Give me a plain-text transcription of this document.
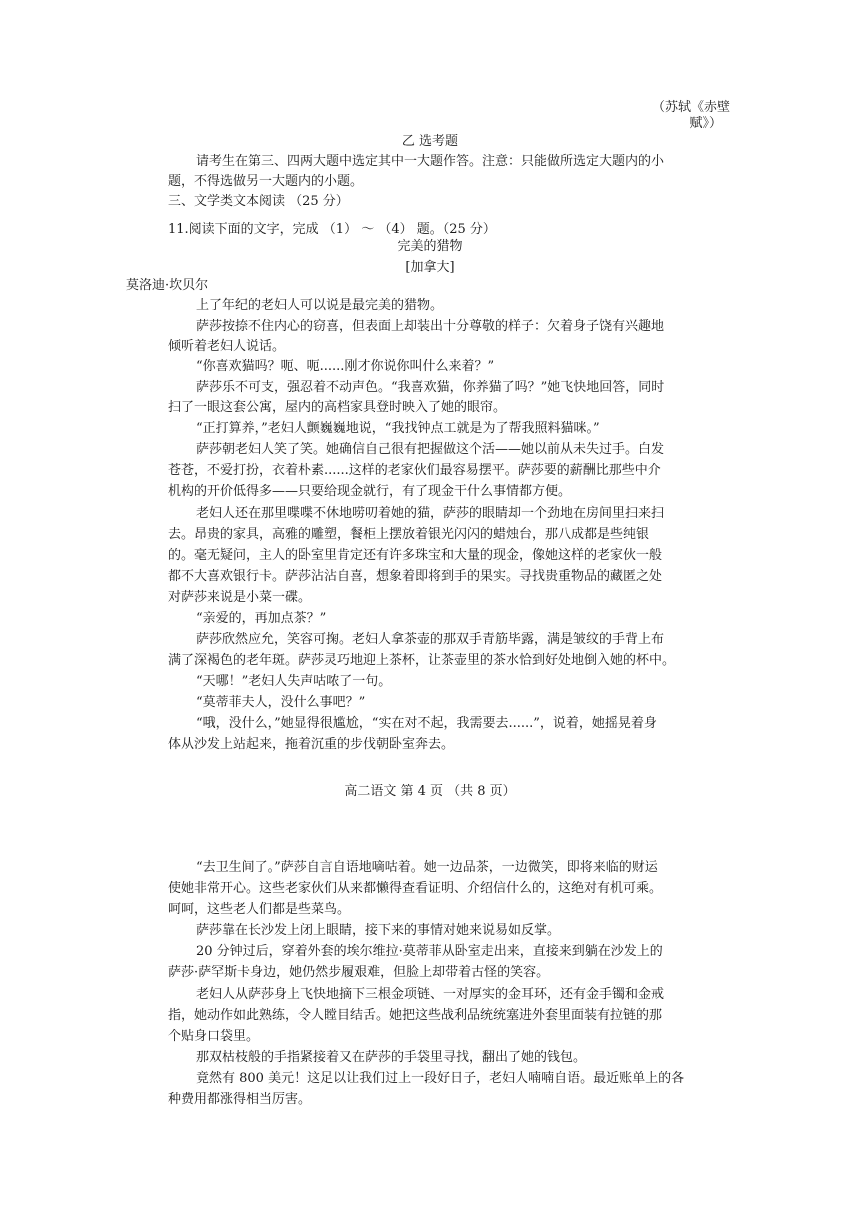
（苏轼《赤壁
赋》）
乙 选考题
请考生在第三、四两大题中选定其中一大题作答。注意：只能做所选定大题内的小
题，不得选做另一大题内的小题。
三、文学类文本阅读 （25 分）
11.阅读下面的文字，完成 （1） ～ （4） 题。（25 分）
完美的猎物
[加拿大]
莫洛迪·坎贝尔
上了年纪的老妇人可以说是最完美的猎物。
萨莎按捺不住内心的窃喜，但表面上却装出十分尊敬的样子：欠着身子饶有兴趣地
倾听着老妇人说话。
“你喜欢猫吗？呃、呃......刚才你说你叫什么来着？”
萨莎乐不可支，强忍着不动声色。“我喜欢猫，你养猫了吗？”她飞快地回答，同时
扫了一眼这套公寓，屋内的高档家具登时映入了她的眼帘。
“正打算养，”老妇人颤巍巍地说，“我找钟点工就是为了帮我照料猫咪。”
萨莎朝老妇人笑了笑。她确信自己很有把握做这个活——她以前从未失过手。白发
苍苍，不爱打扮，衣着朴素......这样的老家伙们最容易摆平。萨莎要的薪酬比那些中介
机构的开价低得多——只要给现金就行，有了现金干什么事情都方便。
老妇人还在那里喋喋不休地唠叨着她的猫，萨莎的眼睛却一个劲地在房间里扫来扫
去。昂贵的家具，高雅的雕塑，餐柜上摆放着银光闪闪的蜡烛台，那八成都是些纯银
的。毫无疑问，主人的卧室里肯定还有许多珠宝和大量的现金，像她这样的老家伙一般
都不大喜欢银行卡。萨莎沾沾自喜，想象着即将到手的果实。寻找贵重物品的藏匿之处
对萨莎来说是小菜一碟。
“亲爱的，再加点茶？”
萨莎欣然应允，笑容可掬。老妇人拿茶壶的那双手青筋毕露，满是皱纹的手背上布
满了深褐色的老年斑。萨莎灵巧地迎上茶杯，让茶壶里的茶水恰到好处地倒入她的杯中。
“天哪！”老妇人失声咕哝了一句。
“莫蒂菲夫人，没什么事吧？”
“哦，没什么，”她显得很尴尬，“实在对不起，我需要去......”，说着，她摇晃着身
体从沙发上站起来，拖着沉重的步伐朝卧室奔去。
高二语文 第 4 页 （共 8 页）
“去卫生间了。”萨莎自言自语地嘀咕着。她一边品茶，一边微笑，即将来临的财运
使她非常开心。这些老家伙们从来都懒得查看证明、介绍信什么的，这绝对有机可乘。
呵呵，这些老人们都是些菜鸟。
萨莎靠在长沙发上闭上眼睛，接下来的事情对她来说易如反掌。
20 分钟过后，穿着外套的埃尔维拉·莫蒂菲从卧室走出来，直接来到躺在沙发上的
萨莎·萨罕斯卡身边，她仍然步履艰难，但脸上却带着古怪的笑容。
老妇人从萨莎身上飞快地摘下三根金项链、一对厚实的金耳环，还有金手镯和金戒
指，她动作如此熟练，令人瞠目结舌。她把这些战利品统统塞进外套里面装有拉链的那
个贴身口袋里。
那双枯枝般的手指紧接着又在萨莎的手袋里寻找，翻出了她的钱包。
竟然有 800 美元！这足以让我们过上一段好日子，老妇人喃喃自语。最近账单上的各
种费用都涨得相当厉害。
